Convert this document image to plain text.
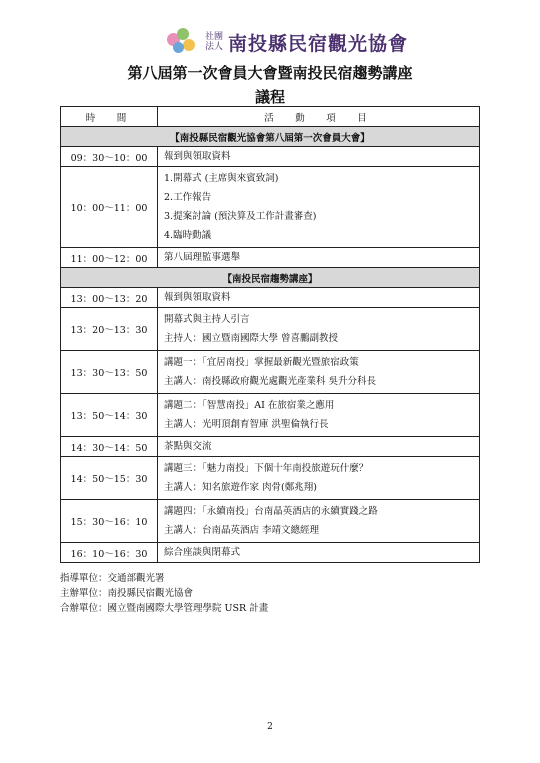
社團法人 南投縣民宿觀光協會
第八屆第一次會員大會暨南投民宿趨勢講座
議程
時　間	活　動　項　目
【南投縣民宿觀光協會第八屆第一次會員大會】	
09：30～10：00	報到與領取資料

10：00～11：00	1.開幕式 (主席與來賓致詞)
2.工作報告
3.提案討論 (預決算及工作計畫審查)
4.臨時動議

11：00～12：00	第八屆理監事選舉

【南投民宿趨勢講座】	
13：00～13：20	報到與領取資料

13：20～13：30	開幕式與主持人引言
主持人：國立暨南國際大學 曾喜鵬副教授

13：30～13：50	講題一：「宜居南投」掌握最新觀光暨旅宿政策
主講人：南投縣政府觀光處觀光產業科 吳升分科長

13：50～14：30	講題二：「智慧南投」AI 在旅宿業之應用
主講人：光明頂創育智庫 洪聖倫執行長

14：30～14：50	茶點與交流

14：50～15：30	講題三：「魅力南投」下個十年南投旅遊玩什麼？
主講人：知名旅遊作家 肉骨(鄭兆翔)

15：30～16：10	講題四：「永續南投」台南晶英酒店的永續實踐之路
主講人：台南晶英酒店 李靖文總經理

16：10～16：30	綜合座談與閉幕式
指導單位：交通部觀光署
主辦單位：南投縣民宿觀光協會
合辦單位：國立暨南國際大學管理學院 USR 計畫
2
